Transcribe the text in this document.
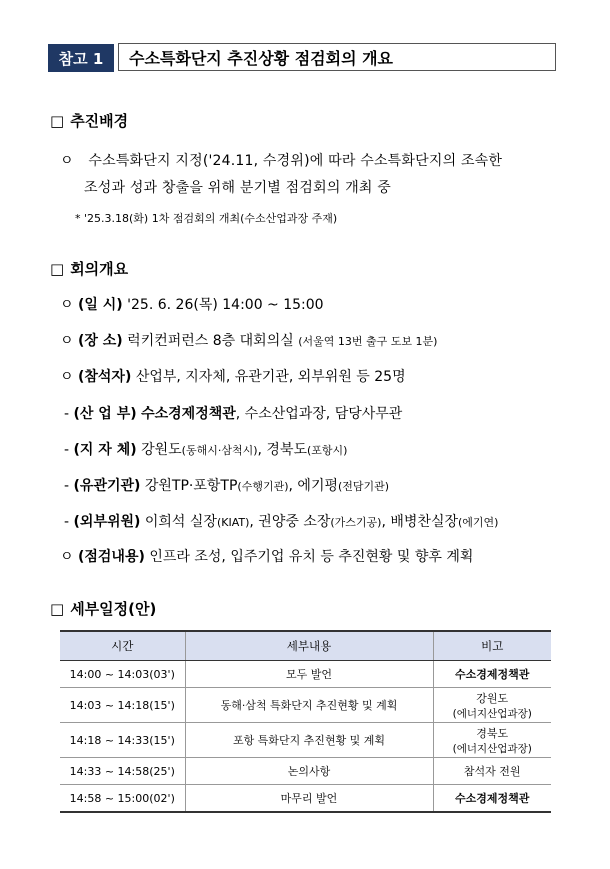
참고 1	수소특화단지 추진상황 점검회의 개요
□ 추진배경
ㅇ 수소특화단지 지정('24.11, 수경위)에 따라 수소특화단지의 조속한
조성과 성과 창출을 위해 분기별 점검회의 개최 중
* '25.3.18(화) 1차 점검회의 개최(수소산업과장 주재)
□ 회의개요
ㅇ (일 시) '25. 6. 26(목) 14:00 ~ 15:00
ㅇ (장 소) 럭키컨퍼런스 8층 대회의실 (서울역 13번 출구 도보 1분)
ㅇ (참석자) 산업부, 지자체, 유관기관, 외부위원 등 25명
- (산 업 부) 수소경제정책관, 수소산업과장, 담당사무관
- (지 자 체) 강원도(동해시·삼척시), 경북도(포항시)
- (유관기관) 강원TP·포항TP(수행기관), 에기평(전담기관)
- (외부위원) 이희석 실장(KIAT), 권양중 소장(가스기공), 배병찬실장(에기연)
ㅇ (점검내용) 인프라 조성, 입주기업 유치 등 추진현황 및 향후 계획
□ 세부일정(안)
시간	세부내용	비고
14:00 ~ 14:03(03')	모두 발언	수소경제정책관
14:03 ~ 14:18(15')	동해·삼척 특화단지 추진현황 및 계획	강원도
(에너지산업과장)

14:18 ~ 14:33(15')	포항 특화단지 추진현황 및 계획	경북도
(에너지산업과장)

14:33 ~ 14:58(25')	논의사항	참석자 전원
14:58 ~ 15:00(02')	마무리 발언	수소경제정책관
